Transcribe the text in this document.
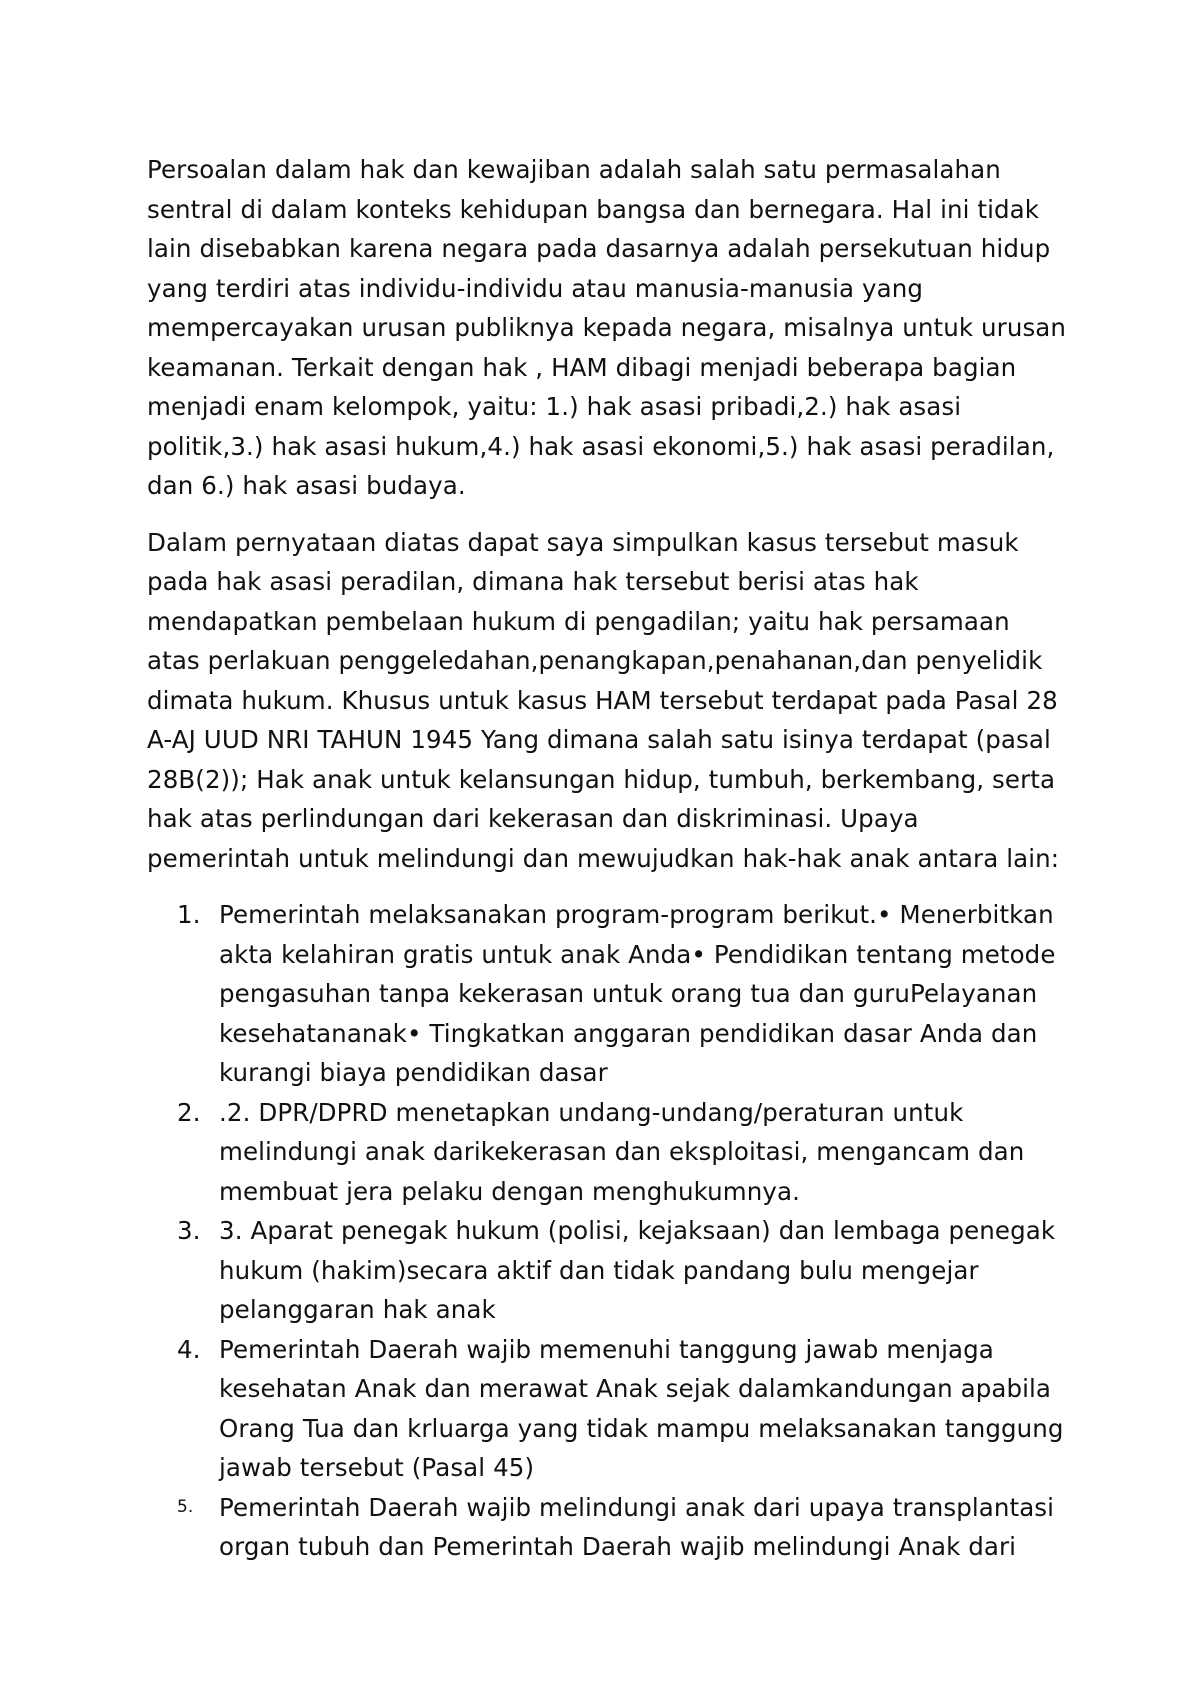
Persoalan dalam hak dan kewajiban adalah salah satu permasalahan sentral di dalam konteks kehidupan bangsa dan bernegara. Hal ini tidak lain disebabkan karena negara pada dasarnya adalah persekutuan hidup yang terdiri atas individu-individu atau manusia-manusia yang mempercayakan urusan publiknya kepada negara, misalnya untuk urusan keamanan. Terkait dengan hak , HAM dibagi menjadi beberapa bagian menjadi enam kelompok, yaitu: 1.) hak asasi pribadi,2.) hak asasi politik,3.) hak asasi hukum,4.) hak asasi ekonomi,5.) hak asasi peradilan, dan 6.) hak asasi budaya.

Dalam pernyataan diatas dapat saya simpulkan kasus tersebut masuk pada hak asasi peradilan, dimana hak tersebut berisi atas hak mendapatkan pembelaan hukum di pengadilan; yaitu hak persamaan atas perlakuan penggeledahan,penangkapan,penahanan,dan penyelidik dimata hukum. Khusus untuk kasus HAM tersebut terdapat pada Pasal 28 A-AJ UUD NRI TAHUN 1945 Yang dimana salah satu isinya terdapat (pasal 28B(2)); Hak anak untuk kelansungan hidup, tumbuh, berkembang, serta hak atas perlindungan dari kekerasan dan diskriminasi. Upaya pemerintah untuk melindungi dan mewujudkan hak-hak anak antara lain:

1. Pemerintah melaksanakan program-program berikut.• Menerbitkan akta kelahiran gratis untuk anak Anda• Pendidikan tentang metode pengasuhan tanpa kekerasan untuk orang tua dan guruPelayanan kesehatananak• Tingkatkan anggaran pendidikan dasar Anda dan kurangi biaya pendidikan dasar
2. .2. DPR/DPRD menetapkan undang-undang/peraturan untuk melindungi anak darikekerasan dan eksploitasi, mengancam dan membuat jera pelaku dengan menghukumnya.
3. 3. Aparat penegak hukum (polisi, kejaksaan) dan lembaga penegak hukum (hakim)secara aktif dan tidak pandang bulu mengejar pelanggaran hak anak
4. Pemerintah Daerah wajib memenuhi tanggung jawab menjaga kesehatan Anak dan merawat Anak sejak dalamkandungan apabila Orang Tua dan krluarga yang tidak mampu melaksanakan tanggung jawab tersebut (Pasal 45)
5.	Pemerintah Daerah wajib melindungi anak dari upaya transplantasi organ tubuh dan Pemerintah Daerah wajib melindungi Anak dari
